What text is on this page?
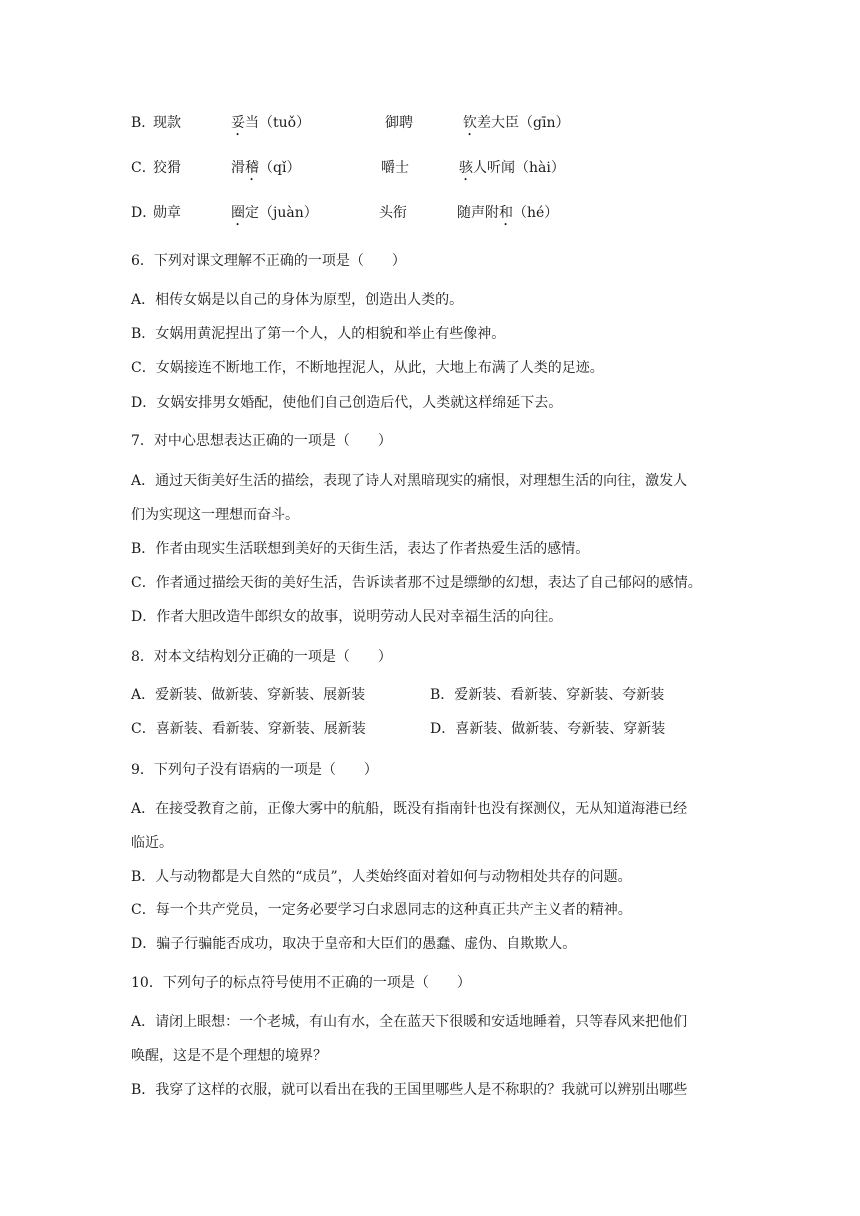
B．
现款	妥当（tuǒ）	御聘	钦差大臣（gīn）
C．
狡猾	滑稽（qǐ）	嚼士	骇人听闻（hài）
D．
勋章	圈定（juàn）	头衔	随声附和（hé）
6．下列对课文理解不正确的一项是（　　）
A．相传女娲是以自己的身体为原型，创造出人类的。
B．女娲用黄泥捏出了第一个人，人的相貌和举止有些像神。
C．女娲接连不断地工作，不断地捏泥人，从此，大地上布满了人类的足迹。
D．女娲安排男女婚配，使他们自己创造后代，人类就这样绵延下去。
7．对中心思想表达正确的一项是（　　）
A．通过天街美好生活的描绘，表现了诗人对黑暗现实的痛恨，对理想生活的向往，激发人
们为实现这一理想而奋斗。
B．作者由现实生活联想到美好的天街生活，表达了作者热爱生活的感情。
C．作者通过描绘天街的美好生活，告诉读者那不过是缥缈的幻想，表达了自己郁闷的感情。
D．作者大胆改造牛郎织女的故事，说明劳动人民对幸福生活的向往。
8．对本文结构划分正确的一项是（　　）
A．爱新装、做新装、穿新装、展新装	B．爱新装、看新装、穿新装、夸新装
C．喜新装、看新装、穿新装、展新装	D．喜新装、做新装、夸新装、穿新装
9．下列句子没有语病的一项是（　　）
A．在接受教育之前，正像大雾中的航船，既没有指南针也没有探测仪，无从知道海港已经
临近。
B．人与动物都是大自然的“成员”，人类始终面对着如何与动物相处共存的问题。
C．每一个共产党员，一定务必要学习白求恩同志的这种真正共产主义者的精神。
D．骗子行骗能否成功，取决于皇帝和大臣们的愚蠢、虚伪、自欺欺人。
10．下列句子的标点符号使用不正确的一项是（　　）
A．请闭上眼想：一个老城，有山有水，全在蓝天下很暖和安适地睡着，只等春风来把他们
唤醒，这是不是个理想的境界？
B．我穿了这样的衣服，就可以看出在我的王国里哪些人是不称职的？我就可以辨别出哪些
